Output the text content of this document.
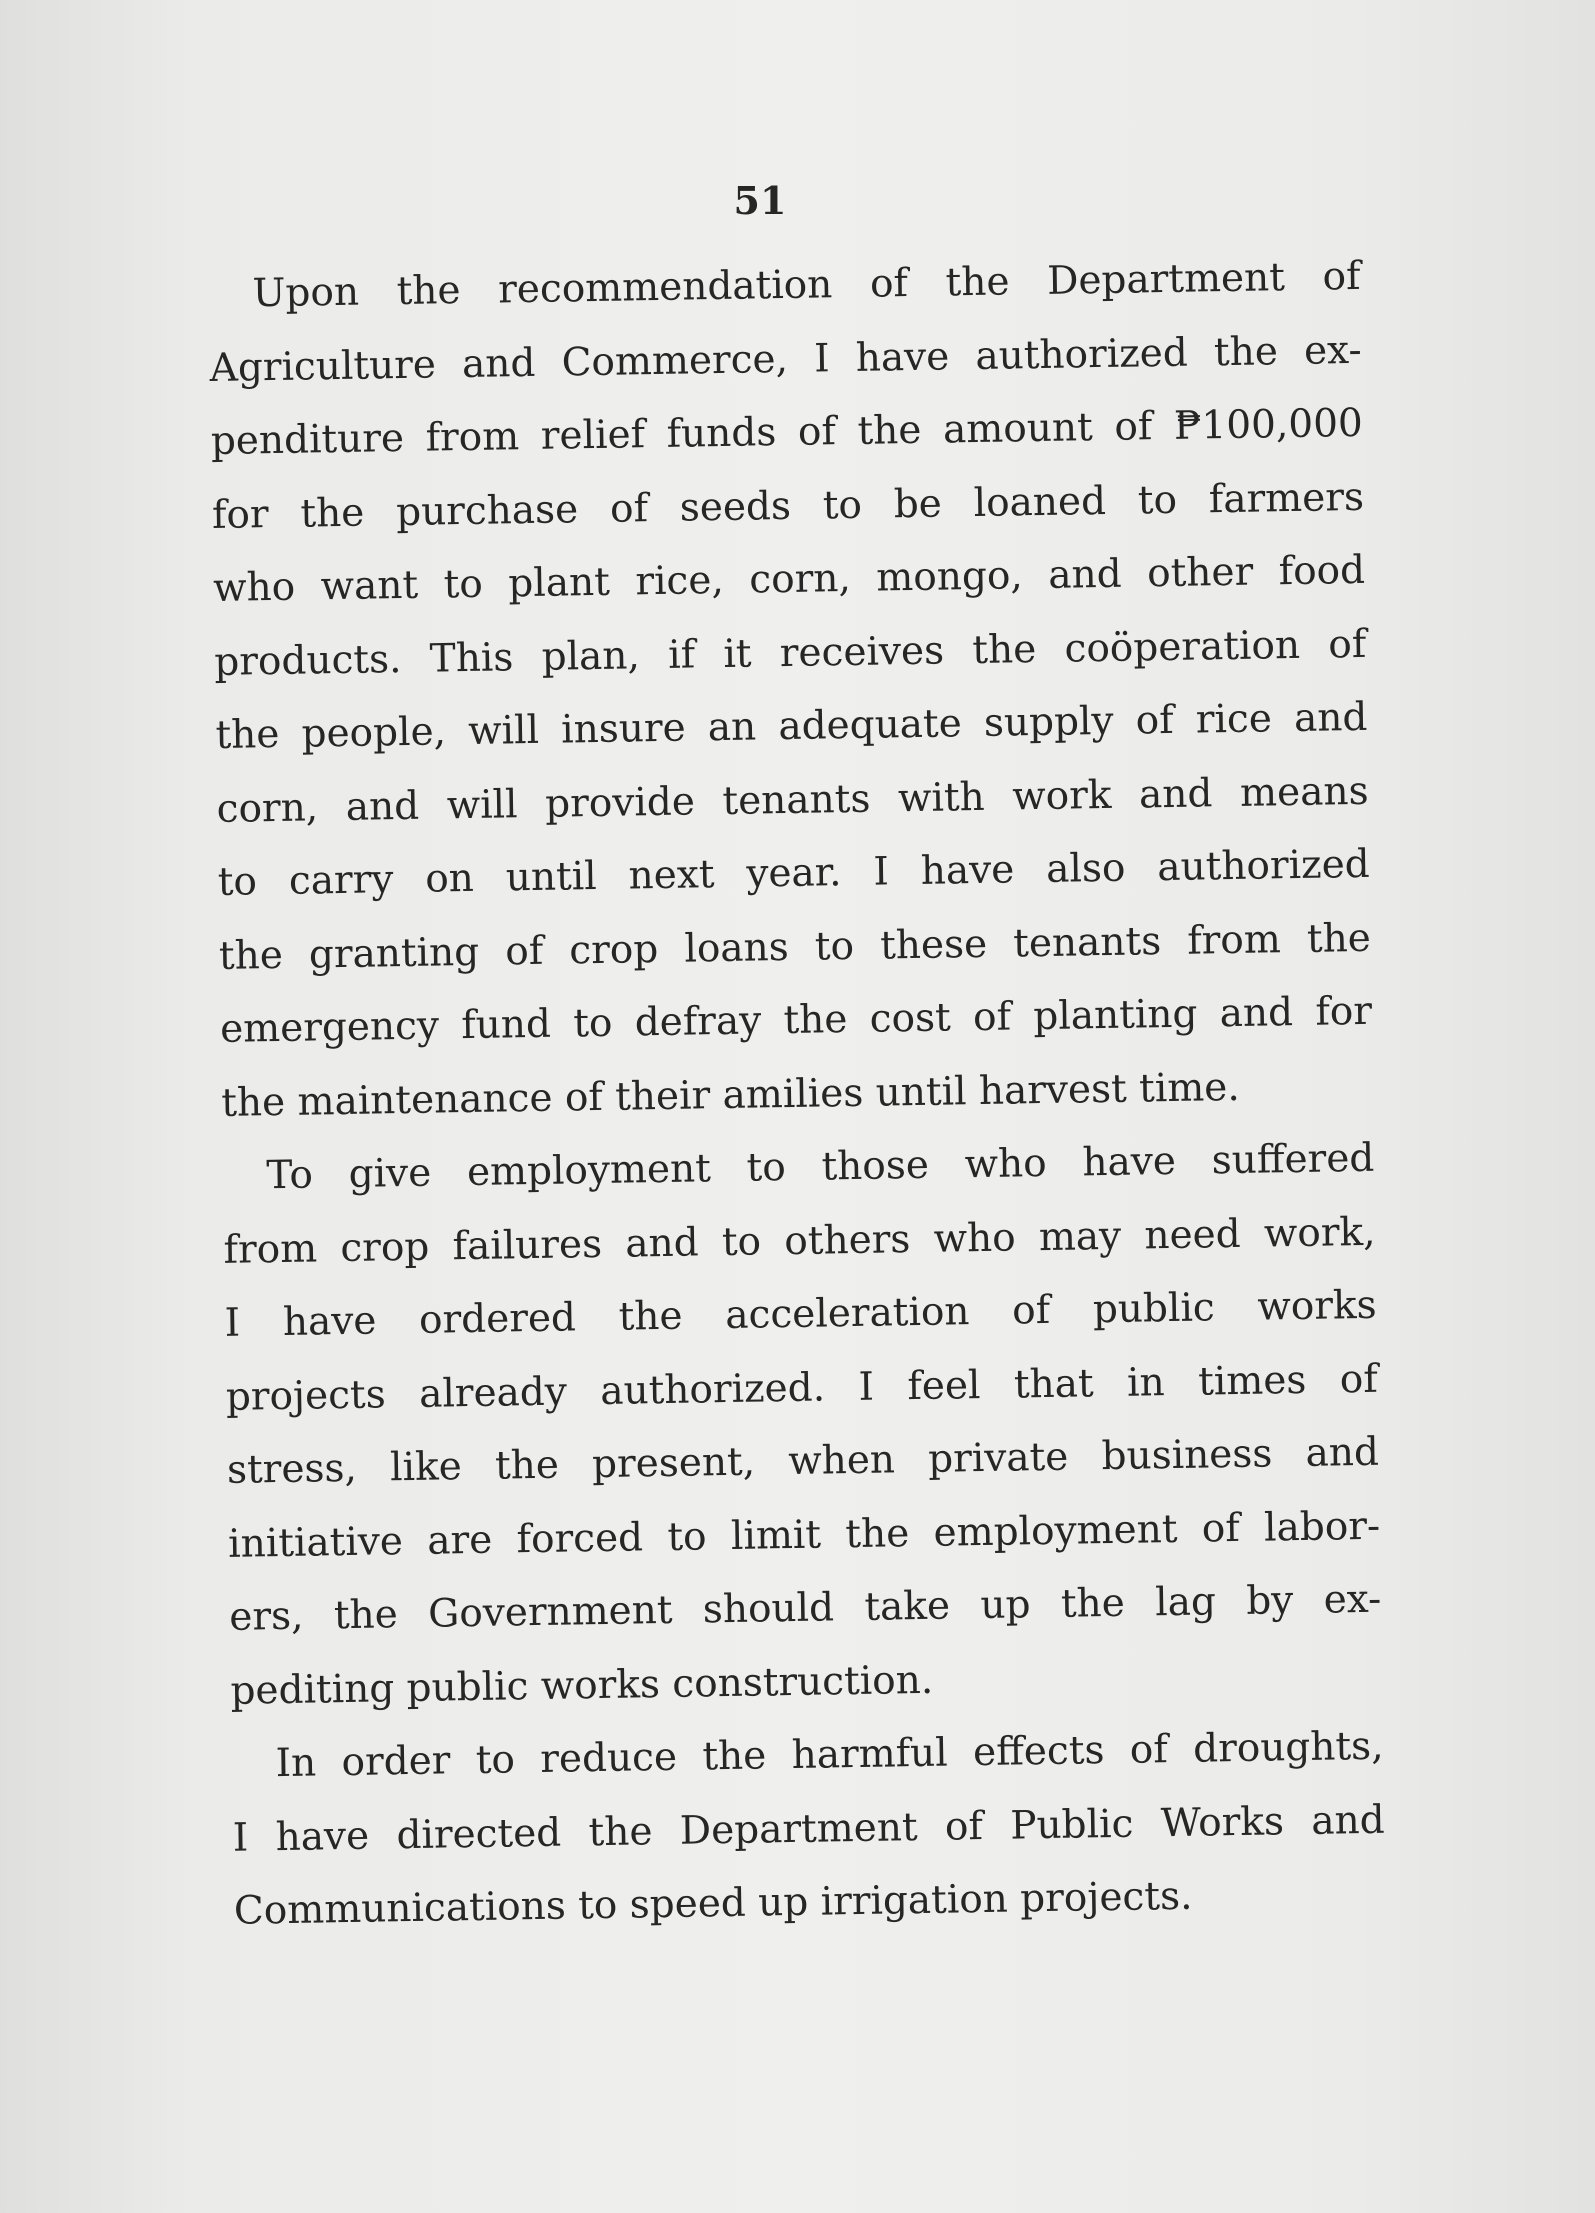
51
Upon the recommendation of the Department of
Agriculture and Commerce, I have authorized the ex-
penditure from relief funds of the amount of ₱100,000
for the purchase of seeds to be loaned to farmers
who want to plant rice, corn, mongo, and other food
products. This plan, if it receives the coöperation of
the people, will insure an adequate supply of rice and
corn, and will provide tenants with work and means
to carry on until next year. I have also authorized
the granting of crop loans to these tenants from the
emergency fund to defray the cost of planting and for
the maintenance of their amilies until harvest time.
To give employment to those who have suffered
from crop failures and to others who may need work,
I have ordered the acceleration of public works
projects already authorized. I feel that in times of
stress, like the present, when private business and
initiative are forced to limit the employment of labor-
ers, the Government should take up the lag by ex-
pediting public works construction.
In order to reduce the harmful effects of droughts,
I have directed the Department of Public Works and
Communications to speed up irrigation projects.
